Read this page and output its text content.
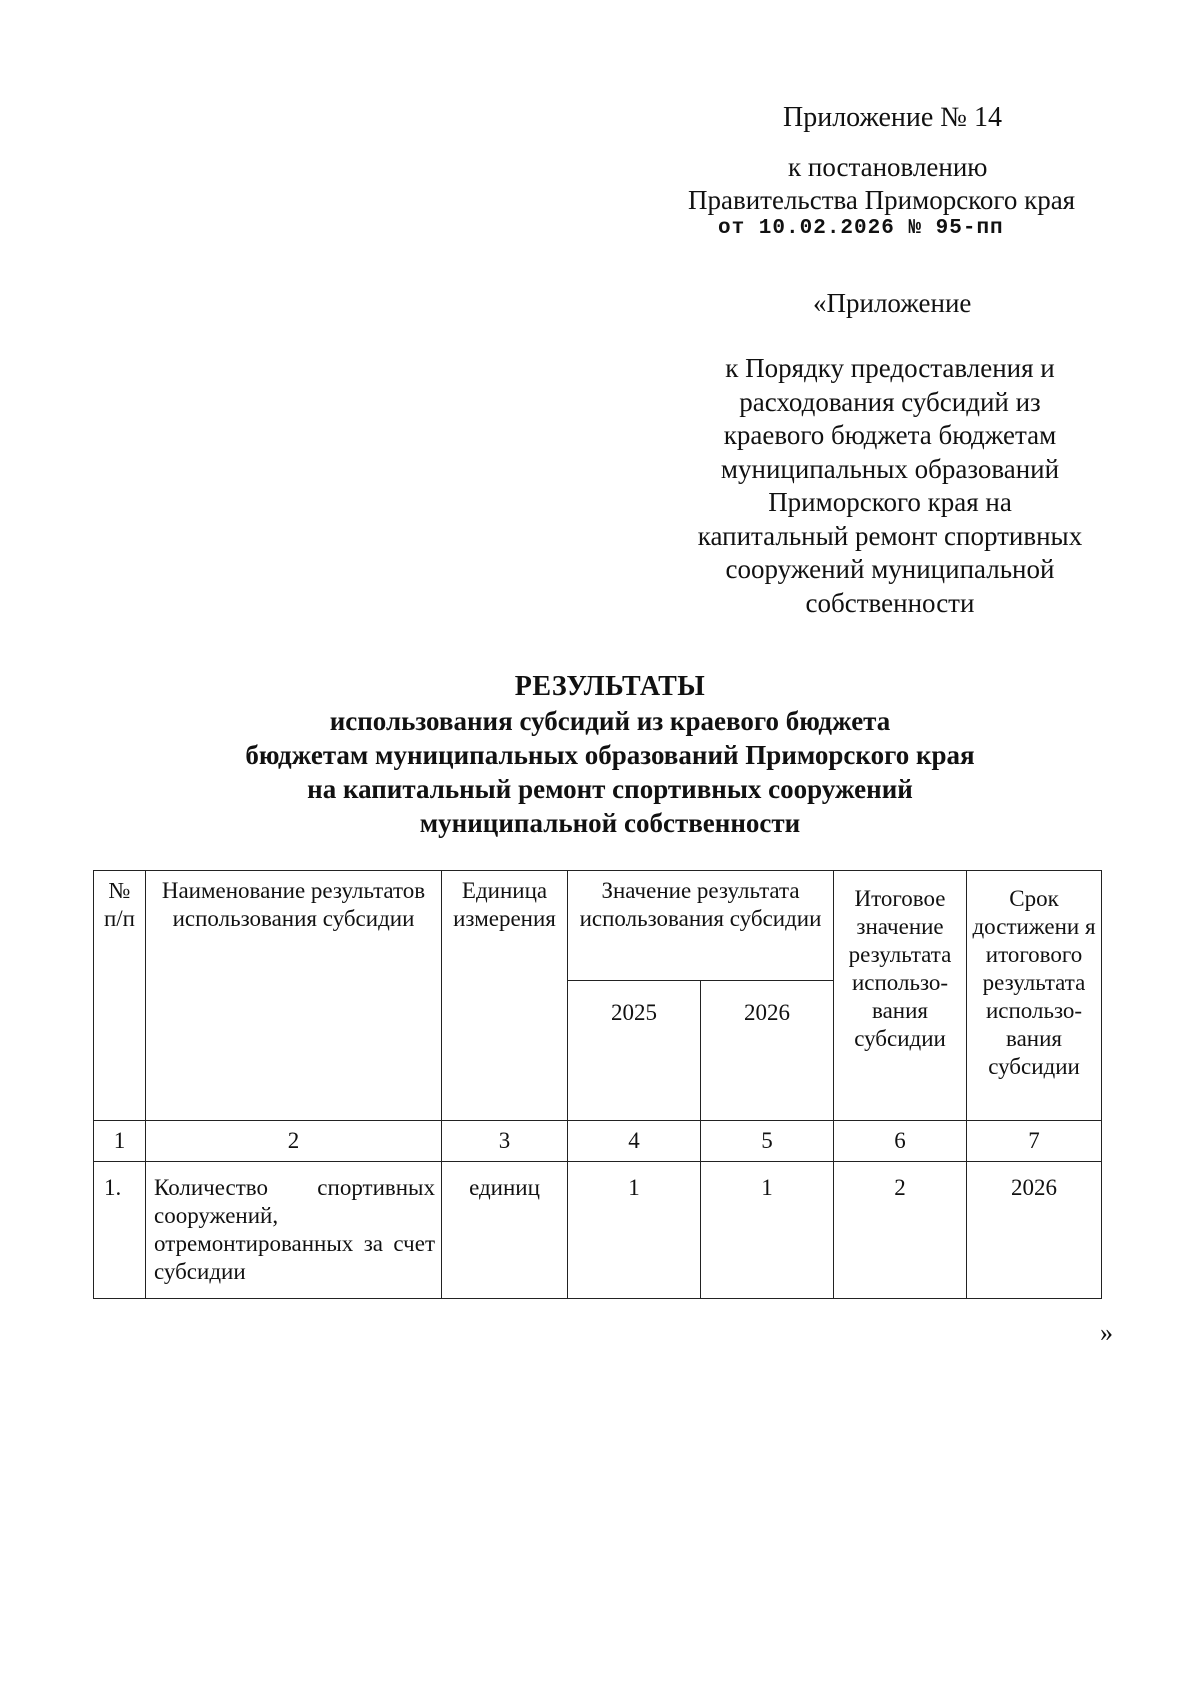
Приложение № 14
к постановлению
Правительства Приморского края
от 10.02.2026 № 95-пп
«Приложение
к Порядку предоставления и
расходования субсидий из
краевого бюджета бюджетам
муниципальных образований
Приморского края на
капитальный ремонт спортивных
сооружений муниципальной
собственности
РЕЗУЛЬТАТЫ
использования субсидий из краевого бюджета
бюджетам муниципальных образований Приморского края
на капитальный ремонт спортивных сооружений
муниципальной собственности
№ п/п	Наименование результатов использования субсидии	Единица измерения	Значение результата использования субсидии		Итоговое значение результата использо-вания субсидии	Срок достижени я итогового результата использо-вания субсидии
			2025	2026		
1	2	3	4	5	6	7
1.	Количество спортивных сооружений, отремонтированных за счет субсидии	единиц	1	1	2	2026
»
